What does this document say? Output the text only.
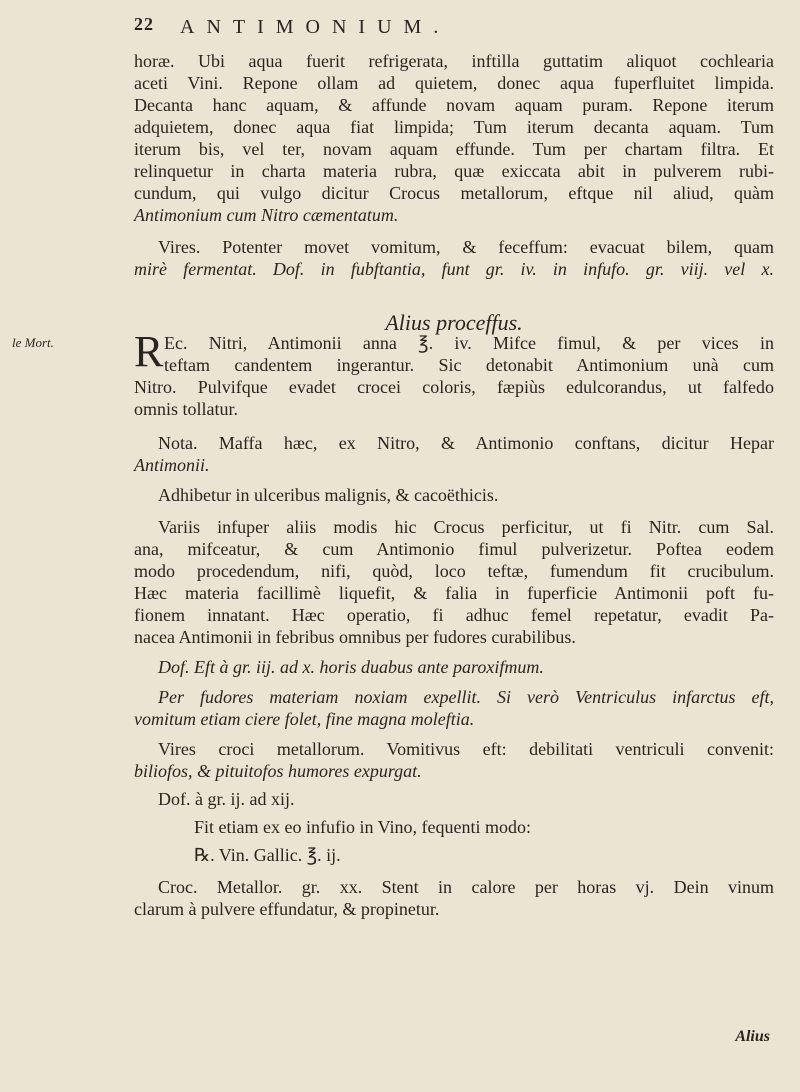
22 ANTIMONIUM.
horæ. Ubi aqua fuerit refrigerata, inftilla guttatim aliquot cochlearia
aceti Vini. Repone ollam ad quietem, donec aqua fuperfluitet limpida.
Decanta hanc aquam, & affunde novam aquam puram. Repone iterum
adquietem, donec aqua fiat limpida; Tum iterum decanta aquam. Tum
iterum bis, vel ter, novam aquam effunde. Tum per chartam filtra. Et
relinquetur in charta materia rubra, quæ exiccata abit in pulverem rubi-
cundum, qui vulgo dicitur Crocus metallorum, eftque nil aliud, quàm
Antimonium cum Nitro cæmentatum.
Vires. Potenter movet vomitum, & feceffum: evacuat bilem, quam
mirè fermentat. Dof. in fubftantia, funt gr. iv. in infufo. gr. viij. vel x.
Alius proceffus.
le Mort. R Ec. Nitri, Antimonii anna ℥. iv. Mifce fimul, & per vices in
teftam candentem ingerantur. Sic detonabit Antimonium unà cum
Nitro. Pulvifque evadet crocei coloris, fæpiùs edulcorandus, ut falfedo
omnis tollatur.
Nota. Maffa hæc, ex Nitro, & Antimonio conftans, dicitur Hepar
Antimonii.
Adhibetur in ulceribus malignis, & cacoëthicis.
Variis infuper aliis modis hic Crocus perficitur, ut fi Nitr. cum Sal.
ana, mifceatur, & cum Antimonio fimul pulverizetur. Poftea eodem
modo procedendum, nifi, quòd, loco teftæ, fumendum fit crucibulum.
Hæc materia facillimè liquefit, & falia in fuperficie Antimonii poft fu-
fionem innatant. Hæc operatio, fi adhuc femel repetatur, evadit Pa-
nacea Antimonii in febribus omnibus per fudores curabilibus.
Dof. Eft à gr. iij. ad x. horis duabus ante paroxifmum.
Per fudores materiam noxiam expellit. Si verò Ventriculus infarctus eft,
vomitum etiam ciere folet, fine magna moleftia.
Vires croci metallorum. Vomitivus eft: debilitati ventriculi convenit:
biliofos, & pituitofos humores expurgat.
Dof. à gr. ij. ad xij.
Fit etiam ex eo infufio in Vino, fequenti modo:
℞. Vin. Gallic. ℥. ij.
Croc. Metallor. gr. xx. Stent in calore per horas vj. Dein vinum
clarum à pulvere effundatur, & propinetur.
Alius
